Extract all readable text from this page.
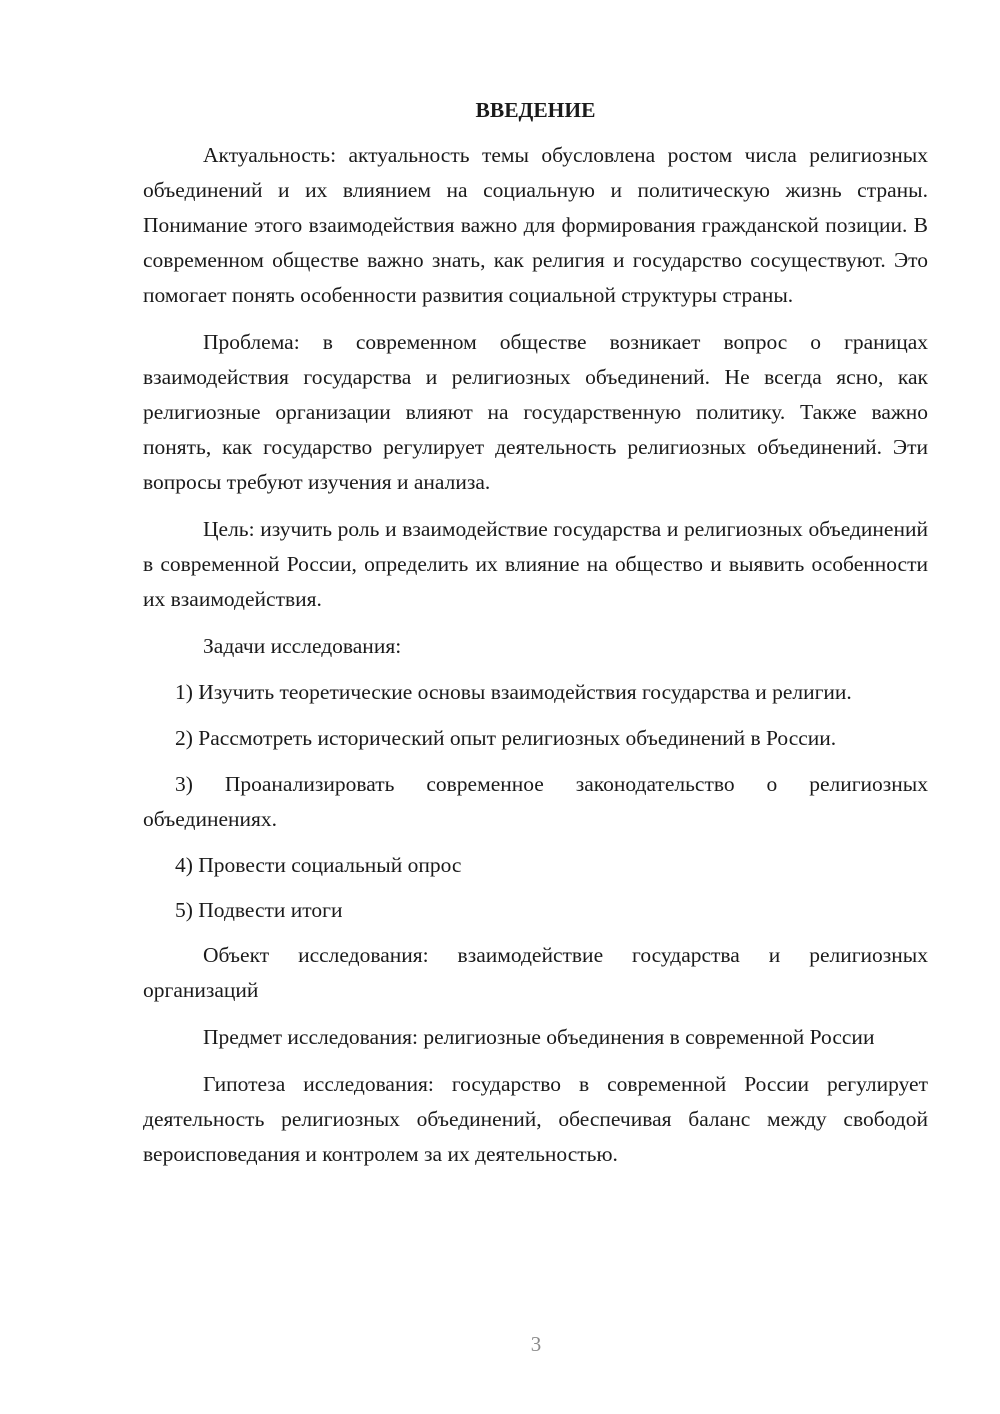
ВВЕДЕНИЕ

Актуальность: актуальность темы обусловлена ростом числа религиозных объединений и их влиянием на социальную и политическую жизнь страны. Понимание этого взаимодействия важно для формирования гражданской позиции. В современном обществе важно знать, как религия и государство сосуществуют. Это помогает понять особенности развития социальной структуры страны.

Проблема: в современном обществе возникает вопрос о границах взаимодействия государства и религиозных объединений. Не всегда ясно, как религиозные организации влияют на государственную политику. Также важно понять, как государство регулирует деятельность религиозных объединений. Эти вопросы требуют изучения и анализа.

Цель: изучить роль и взаимодействие государства и религиозных объединений в современной России, определить их влияние на общество и выявить особенности их взаимодействия.

Задачи исследования:

1) Изучить теоретические основы взаимодействия государства и религии.

2) Рассмотреть исторический опыт религиозных объединений в России.

3) Проанализировать современное законодательство о религиозных объединениях.

4) Провести социальный опрос

5) Подвести итоги

Объект исследования: взаимодействие государства и религиозных организаций

Предмет исследования: религиозные объединения в современной России

Гипотеза исследования: государство в современной России регулирует деятельность религиозных объединений, обеспечивая баланс между свободой вероисповедания и контролем за их деятельностью.

3
